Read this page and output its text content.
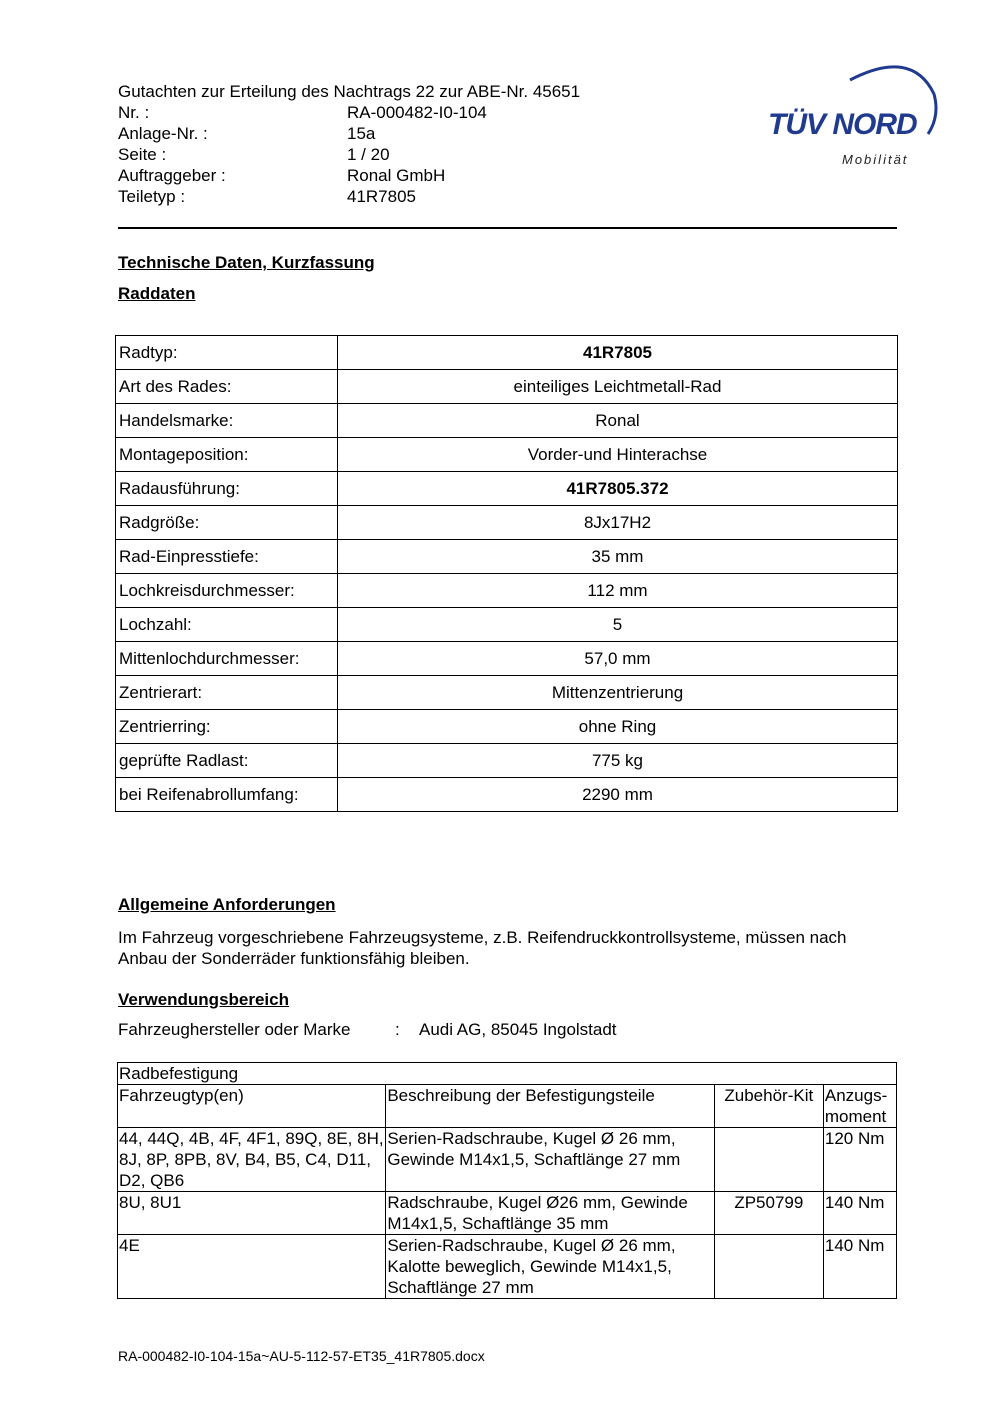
Gutachten zur Erteilung des Nachtrags 22 zur ABE-Nr. 45651
Nr. :	RA-000482-I0-104
Anlage-Nr. :	15a
Seite :	1 / 20
Auftraggeber :	Ronal GmbH
Teiletyp :	41R7805
TÜV NORD
Mobilität
Technische Daten, Kurzfassung
Raddaten
Radtyp:	41R7805
Art des Rades:	einteiliges Leichtmetall-Rad
Handelsmarke:	Ronal
Montageposition:	Vorder-und Hinterachse
Radausführung:	41R7805.372
Radgröße:	8Jx17H2
Rad-Einpresstiefe:	35 mm
Lochkreisdurchmesser:	112 mm
Lochzahl:	5
Mittenlochdurchmesser:	57,0 mm
Zentrierart:	Mittenzentrierung
Zentrierring:	ohne Ring
geprüfte Radlast:	775 kg
bei Reifenabrollumfang:	2290 mm
Allgemeine Anforderungen
Im Fahrzeug vorgeschriebene Fahrzeugsysteme, z.B. Reifendruckkontrollsysteme, müssen nach Anbau der Sonderräder funktionsfähig bleiben.
Verwendungsbereich
Fahrzeughersteller oder Marke	: Audi AG, 85045 Ingolstadt
Radbefestigung			
Fahrzeugtyp(en)	Beschreibung der Befestigungsteile	Zubehör-Kit	Anzugs-moment
44, 44Q, 4B, 4F, 4F1, 89Q, 8E, 8H, 8J, 8P, 8PB, 8V, B4, B5, C4, D11, D2, QB6	Serien-Radschraube, Kugel Ø 26 mm, Gewinde M14x1,5, Schaftlänge 27 mm		120 Nm
8U, 8U1	Radschraube, Kugel Ø26 mm, Gewinde M14x1,5, Schaftlänge 35 mm	ZP50799	140 Nm
4E	Serien-Radschraube, Kugel Ø 26 mm, Kalotte beweglich, Gewinde M14x1,5, Schaftlänge 27 mm		140 Nm
RA-000482-I0-104-15a~AU-5-112-57-ET35_41R7805.docx
